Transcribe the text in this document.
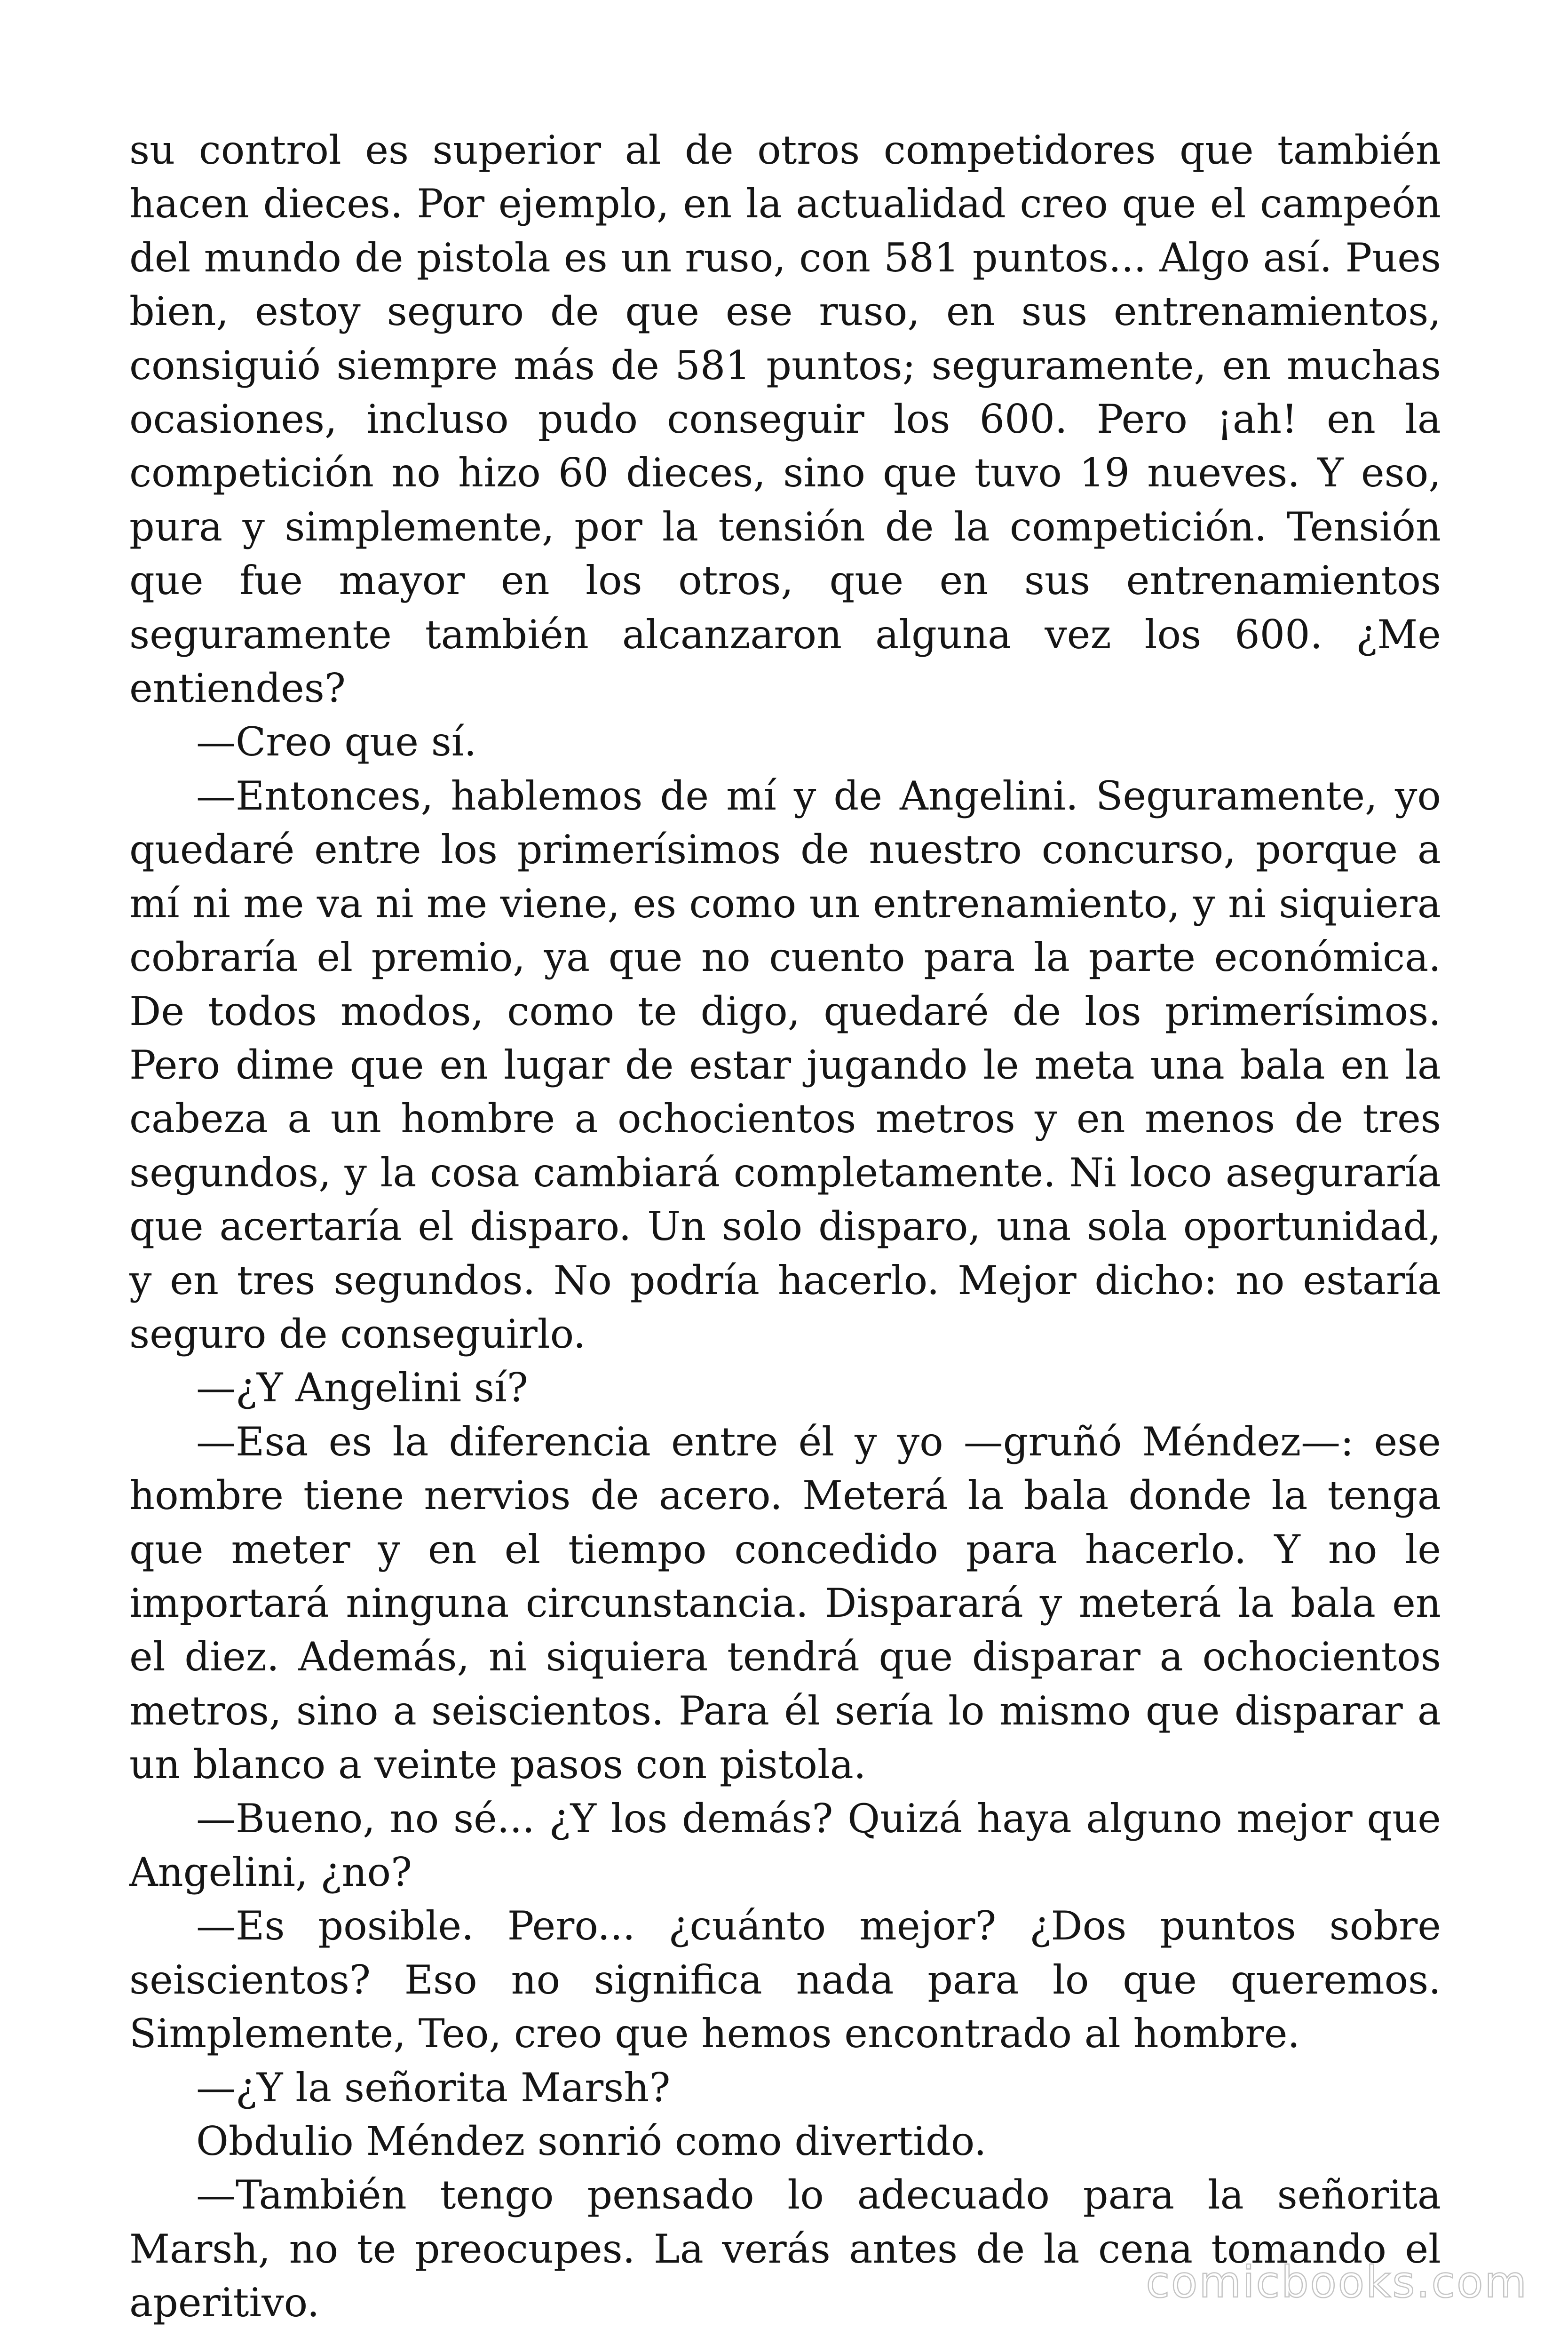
su control es superior al de otros competidores que también hacen dieces. Por ejemplo, en la actualidad creo que el campeón del mundo de pistola es un ruso, con 581 puntos... Algo así. Pues bien, estoy seguro de que ese ruso, en sus entrenamientos, consiguió siempre más de 581 puntos; seguramente, en muchas ocasiones, incluso pudo conseguir los 600. Pero ¡ah! en la competición no hizo 60 dieces, sino que tuvo 19 nueves. Y eso, pura y simplemente, por la tensión de la competición. Tensión que fue mayor en los otros, que en sus entrenamientos seguramente también alcanzaron alguna vez los 600. ¿Me entiendes?

—Creo que sí.

—Entonces, hablemos de mí y de Angelini. Seguramente, yo quedaré entre los primerísimos de nuestro concurso, porque a mí ni me va ni me viene, es como un entrenamiento, y ni siquiera cobraría el premio, ya que no cuento para la parte económica. De todos modos, como te digo, quedaré de los primerísimos. Pero dime que en lugar de estar jugando le meta una bala en la cabeza a un hombre a ochocientos metros y en menos de tres segundos, y la cosa cambiará completamente. Ni loco aseguraría que acertaría el disparo. Un solo disparo, una sola oportunidad, y en tres segundos. No podría hacerlo. Mejor dicho: no estaría seguro de conseguirlo.

—¿Y Angelini sí?

—Esa es la diferencia entre él y yo —gruñó Méndez—: ese hombre tiene nervios de acero. Meterá la bala donde la tenga que meter y en el tiempo concedido para hacerlo. Y no le importará ninguna circunstancia. Disparará y meterá la bala en el diez. Además, ni siquiera tendrá que disparar a ochocientos metros, sino a seiscientos. Para él sería lo mismo que disparar a un blanco a veinte pasos con pistola.

—Bueno, no sé... ¿Y los demás? Quizá haya alguno mejor que Angelini, ¿no?

—Es posible. Pero... ¿cuánto mejor? ¿Dos puntos sobre seiscientos? Eso no significa nada para lo que queremos. Simplemente, Teo, creo que hemos encontrado al hombre.

—¿Y la señorita Marsh?

Obdulio Méndez sonrió como divertido.

—También tengo pensado lo adecuado para la señorita Marsh, no te preocupes. La verás antes de la cena tomando el aperitivo.	comicbooks.com
